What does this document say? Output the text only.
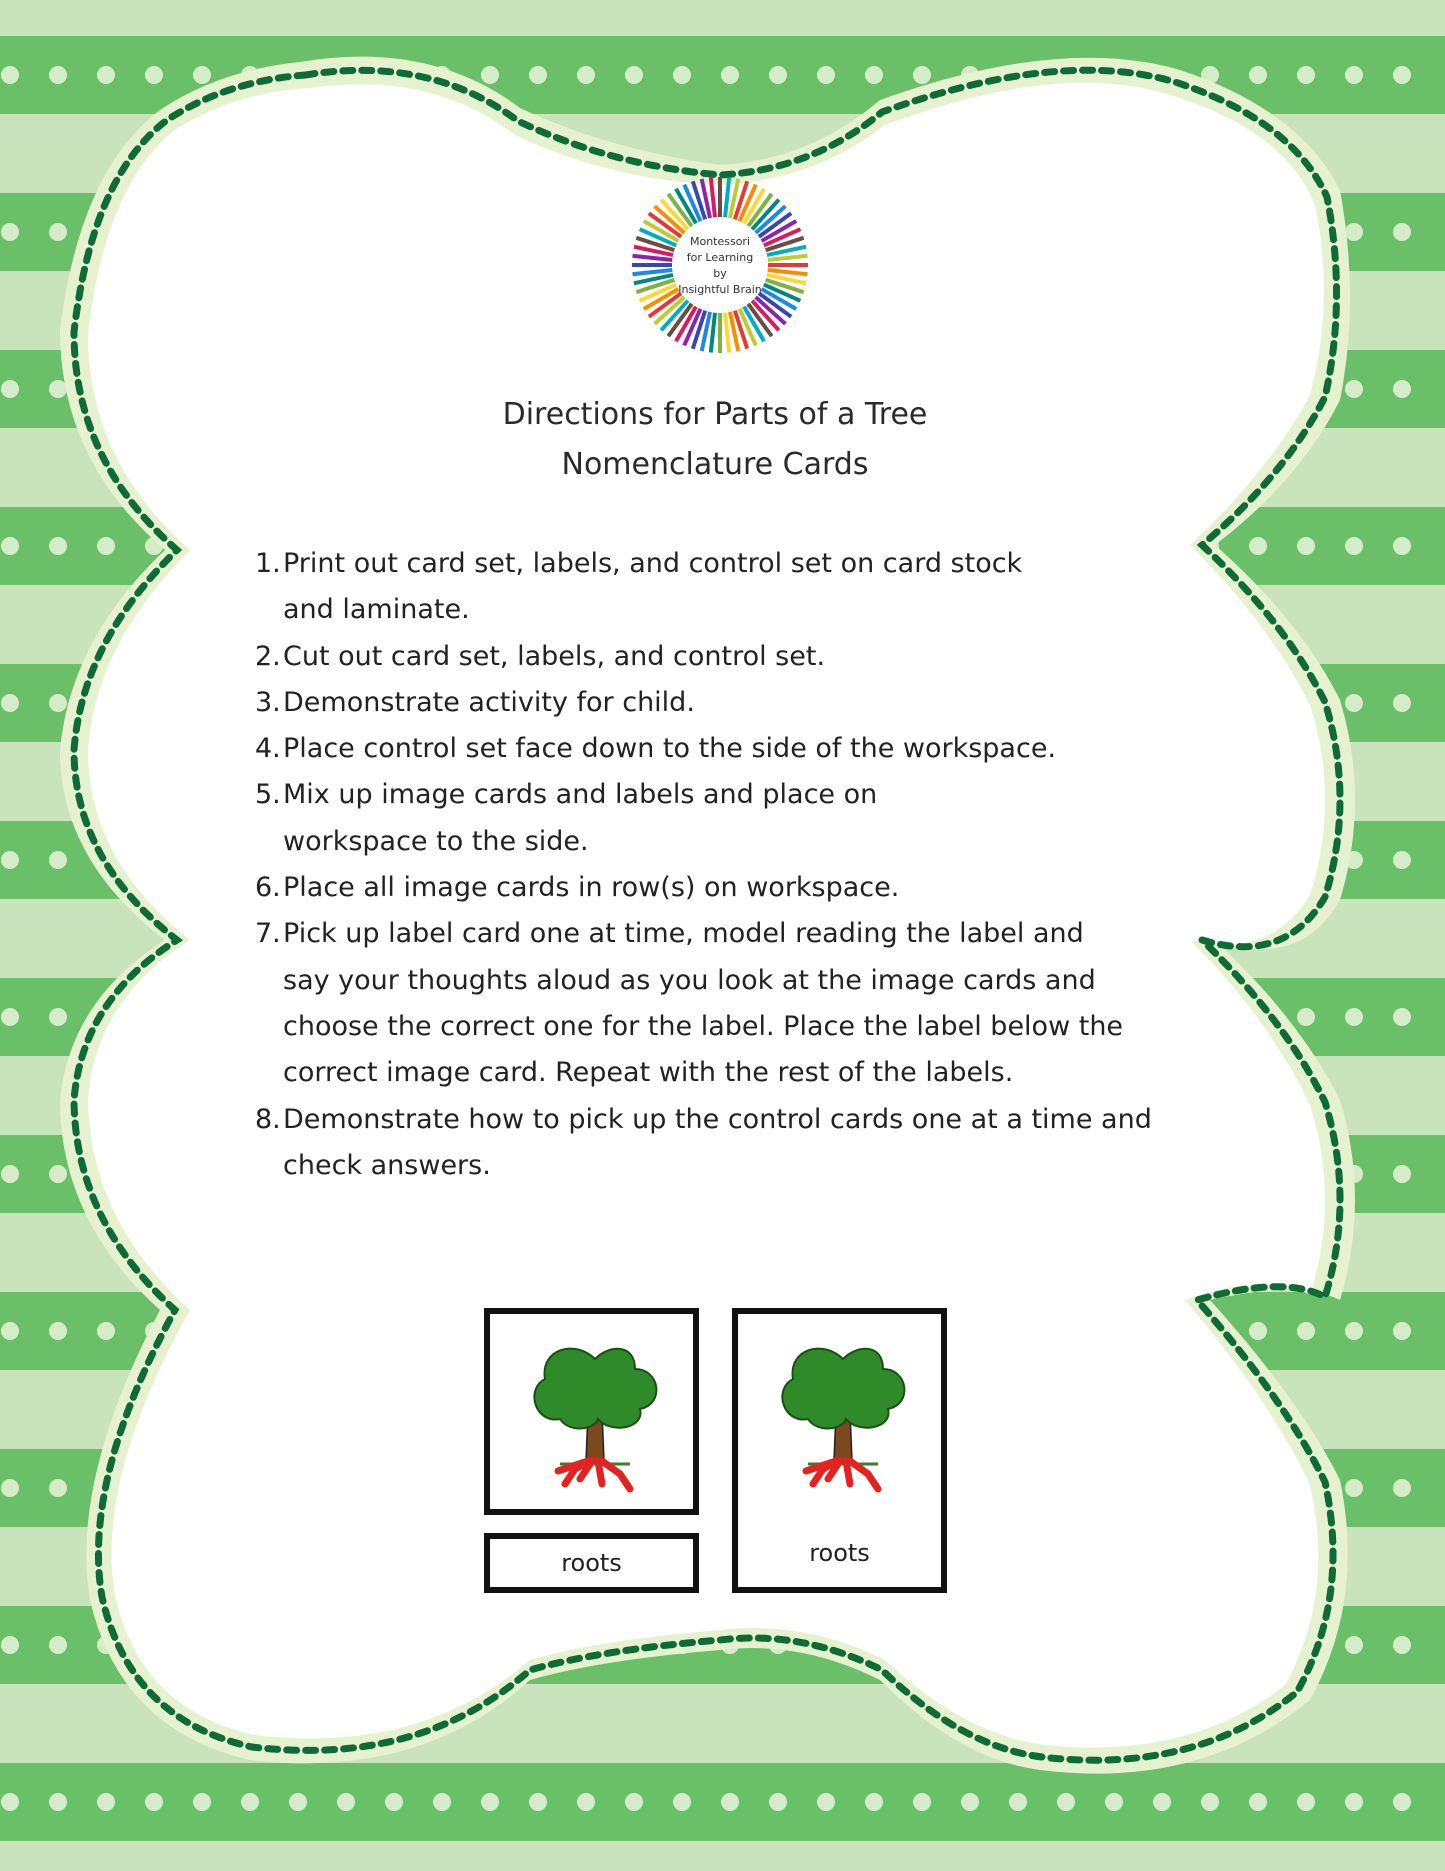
Montessori
for Learning
by
Insightful Brain
Directions for Parts of a Tree
Nomenclature Cards
1. Print out card set, labels, and control set on card stock
and laminate.
2. Cut out card set, labels, and control set.
3. Demonstrate activity for child.
4. Place control set face down to the side of the workspace.
5. Mix up image cards and labels and place on
workspace to the side.
6. Place all image cards in row(s) on workspace.
7. Pick up label card one at time, model reading the label and
say your thoughts aloud as you look at the image cards and
choose the correct one for the label. Place the label below the
correct image card. Repeat with the rest of the labels.
8. Demonstrate how to pick up the control cards one at a time and
check answers.
roots	roots
